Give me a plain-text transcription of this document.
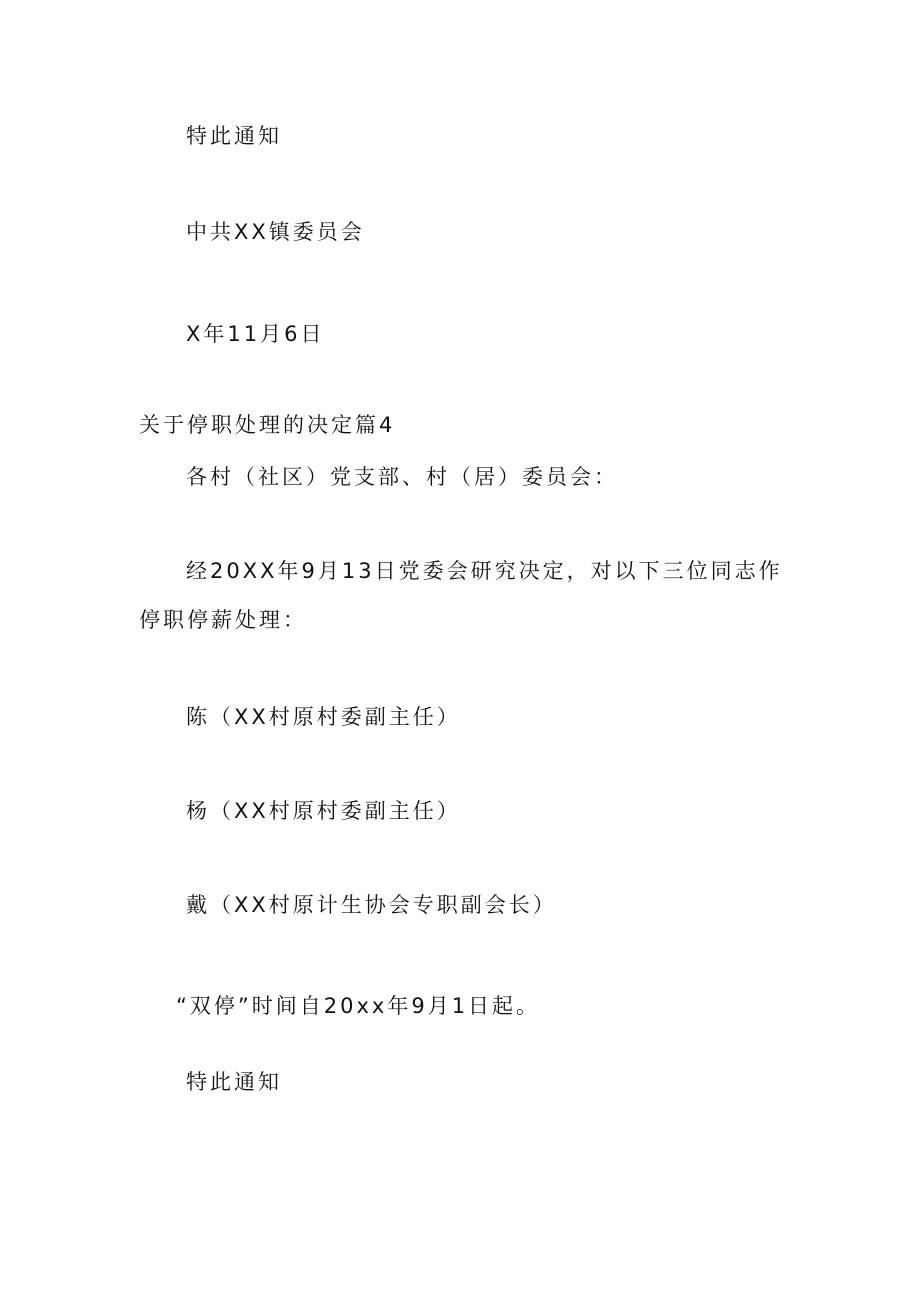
特此通知

中共XX镇委员会

X年11月6日

关于停职处理的决定篇4

各村（社区）党支部、村（居）委员会：

经20XX年9月13日党委会研究决定，对以下三位同志作

停职停薪处理：

陈（XX村原村委副主任）

杨（XX村原村委副主任）

戴（XX村原计生协会专职副会长）

“双停”时间自20xx年9月1日起。

特此通知
